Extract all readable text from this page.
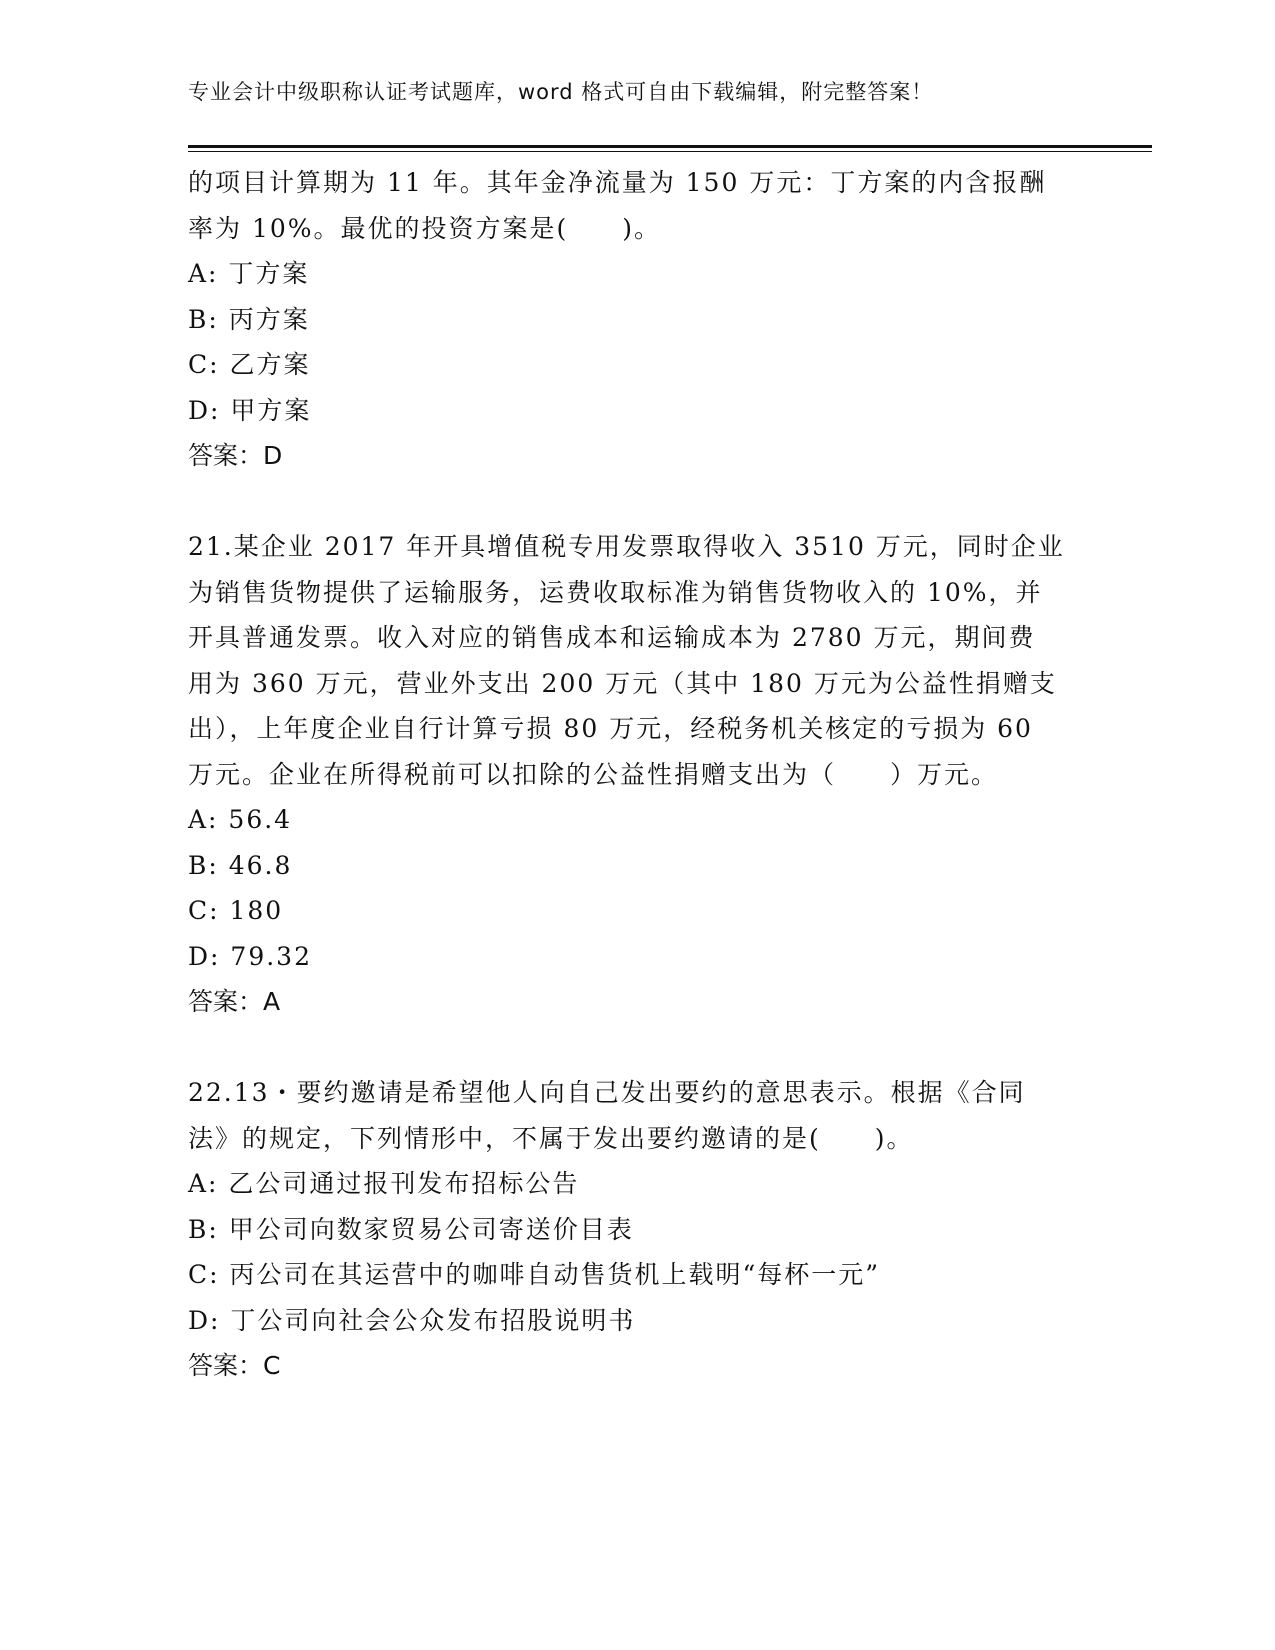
专业会计中级职称认证考试题库，word 格式可自由下载编辑，附完整答案！
的项目计算期为 11 年。其年金净流量为 150 万元：丁方案的内含报酬
率为 10%。最优的投资方案是(　　)。
A: 丁方案
B: 丙方案
C: 乙方案
D: 甲方案
答案：D
21.某企业 2017 年开具增值税专用发票取得收入 3510 万元，同时企业
为销售货物提供了运输服务，运费收取标准为销售货物收入的 10%，并
开具普通发票。收入对应的销售成本和运输成本为 2780 万元，期间费
用为 360 万元，营业外支出 200 万元（其中 180 万元为公益性捐赠支
出），上年度企业自行计算亏损 80 万元，经税务机关核定的亏损为 60
万元。企业在所得税前可以扣除的公益性捐赠支出为（　　）万元。
A: 56.4
B: 46.8
C: 180
D: 79.32
答案：A
22.13・要约邀请是希望他人向自己发出要约的意思表示。根据《合同
法》的规定，下列情形中，不属于发出要约邀请的是(　　)。
A: 乙公司通过报刊发布招标公告
B: 甲公司向数家贸易公司寄送价目表
C: 丙公司在其运营中的咖啡自动售货机上载明“每杯一元”
D: 丁公司向社会公众发布招股说明书
答案：C
